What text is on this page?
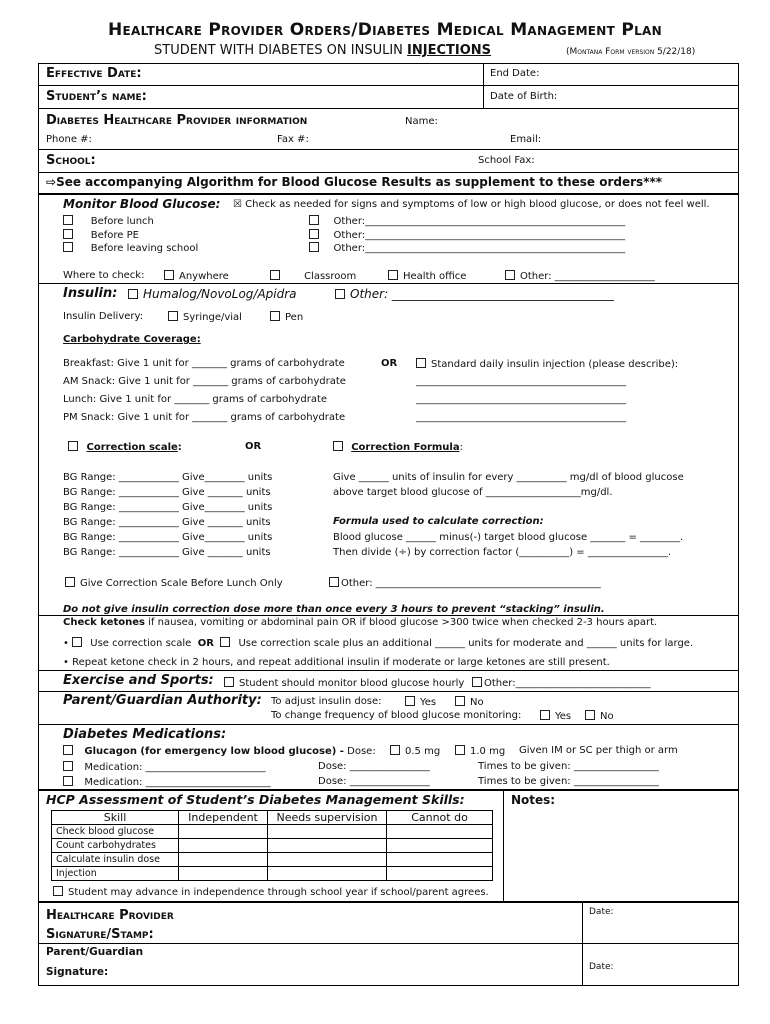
Healthcare Provider Orders/Diabetes Medical Management Plan
STUDENT WITH DIABETES ON INSULIN INJECTIONS	(Montana Form version 5/22/18)
Effective Date:	End Date:
Student’s name:	Date of Birth:
Diabetes Healthcare Provider information	Name:
Phone #:	Fax #:	Email:
School:	School Fax:
⇨See accompanying Algorithm for Blood Glucose Results as supplement to these orders***
Monitor Blood Glucose: ☒ Check as needed for signs and symptoms of low or high blood glucose, or does not feel well.
Before lunch
Before PE
Before leaving school
Other:____________________________________________________
Other:____________________________________________________
Other:____________________________________________________
Where to check:	Anywhere	Classroom	Health office	Other: ____________________
Insulin:	Humalog/NovoLog/Apidra	Other: _____________________________________
Insulin Delivery:	Syringe/vial	Pen
Carbohydrate Coverage:
Breakfast: Give 1 unit for _______ grams of carbohydrate	OR	Standard daily insulin injection (please describe):
AM Snack: Give 1 unit for _______ grams of carbohydrate
Lunch: Give 1 unit for _______ grams of carbohydrate
PM Snack: Give 1 unit for _______ grams of carbohydrate
__________________________________________
__________________________________________
__________________________________________
Correction scale:	OR	Correction Formula:
BG Range: ____________ Give________ units
BG Range: ____________ Give _______ units
BG Range: ____________ Give________ units
BG Range: ____________ Give _______ units
BG Range: ____________ Give________ units
BG Range: ____________ Give _______ units
Give ______ units of insulin for every __________ mg/dl of blood glucose
above target blood glucose of ___________________mg/dl.
Formula used to calculate correction:
Blood glucose ______ minus(-) target blood glucose _______ = ________.
Then divide (÷) by correction factor (__________) = ________________.
Give Correction Scale Before Lunch Only	Other: _____________________________________________
Do not give insulin correction dose more than once every 3 hours to prevent “stacking” insulin.
Check ketones if nausea, vomiting or abdominal pain OR if blood glucose >300 twice when checked 2-3 hours apart.
• Use correction scale OR Use correction scale plus an additional ______ units for moderate and ______ units for large.
• Repeat ketone check in 2 hours, and repeat additional insulin if moderate or large ketones are still present.
Exercise and Sports:	Student should monitor blood glucose hourly	Other:___________________________
Parent/Guardian Authority: To adjust insulin dose:	Yes	No
To change frequency of blood glucose monitoring:	Yes	No
Diabetes Medications:
Glucagon (for emergency low blood glucose) - Dose:	0.5 mg	1.0 mg Given IM or SC per thigh or arm
Medication: ________________________	Dose: ________________	Times to be given: _________________
Medication: _________________________	Dose: ________________	Times to be given: _________________
HCP Assessment of Student’s Diabetes Management Skills:	Notes:
Skill	Independent	Needs supervision	Cannot do
Check blood glucose			
Count carbohydrates			
Calculate insulin dose			
Injection			
Student may advance in independence through school year if school/parent agrees.
Healthcare Provider
Signature/Stamp:
Date:
Parent/Guardian
Signature:	Date:
